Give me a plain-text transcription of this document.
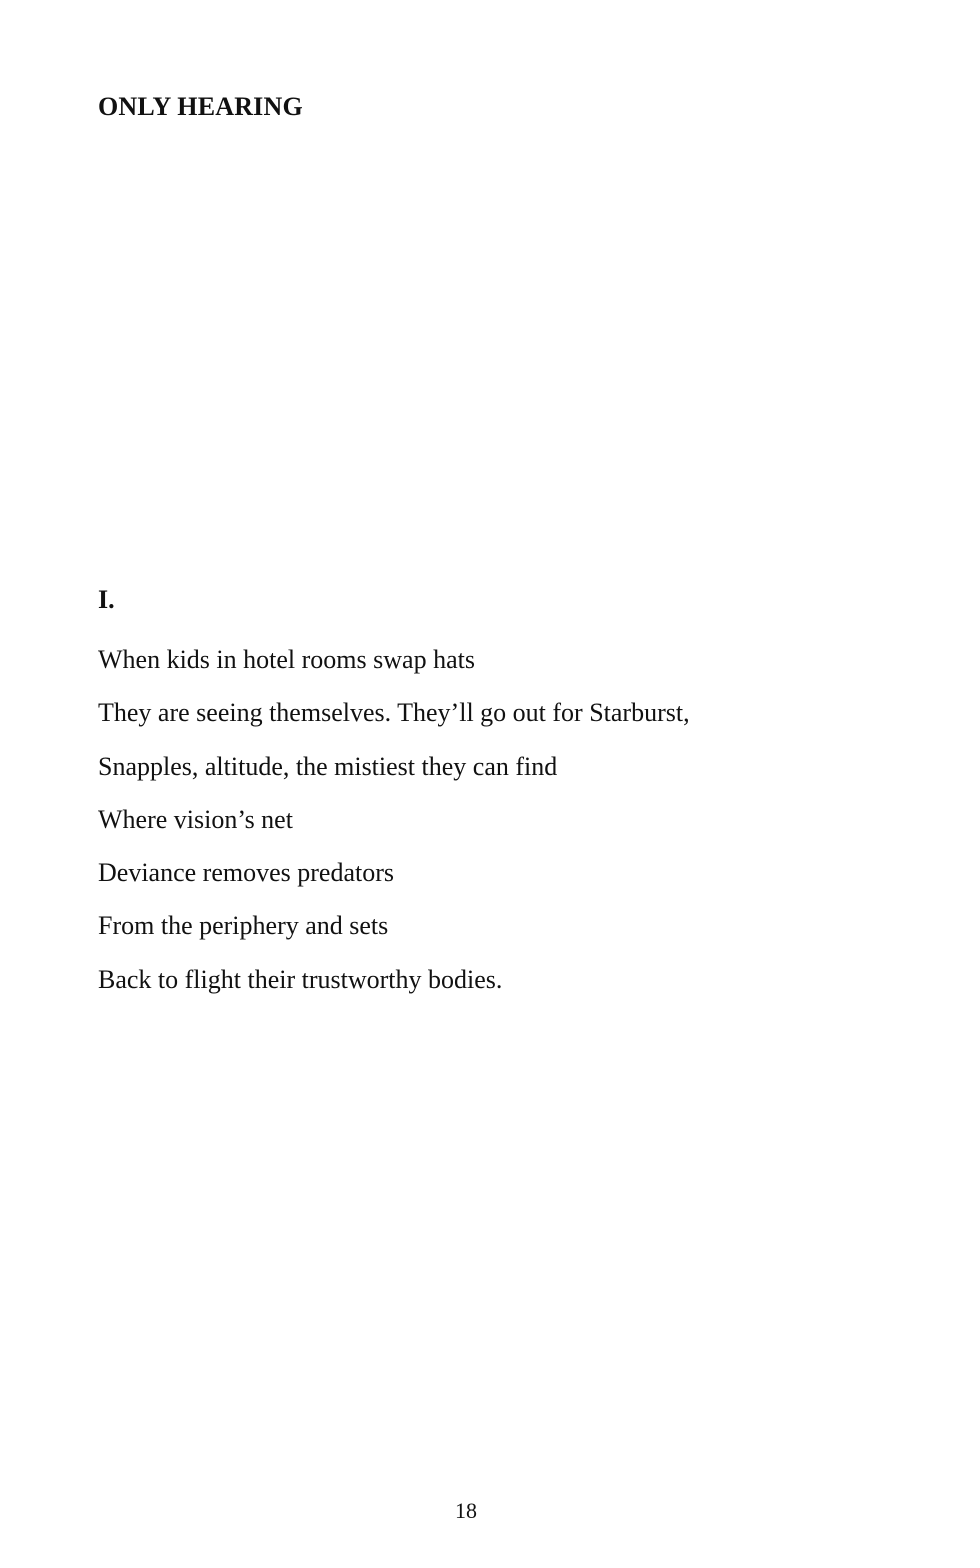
ONLY HEARING
I.
When kids in hotel rooms swap hats
They are seeing themselves. They’ll go out for Starburst,
Snapples, altitude, the mistiest they can find
Where vision’s net
Deviance removes predators
From the periphery and sets
Back to flight their trustworthy bodies.
18
